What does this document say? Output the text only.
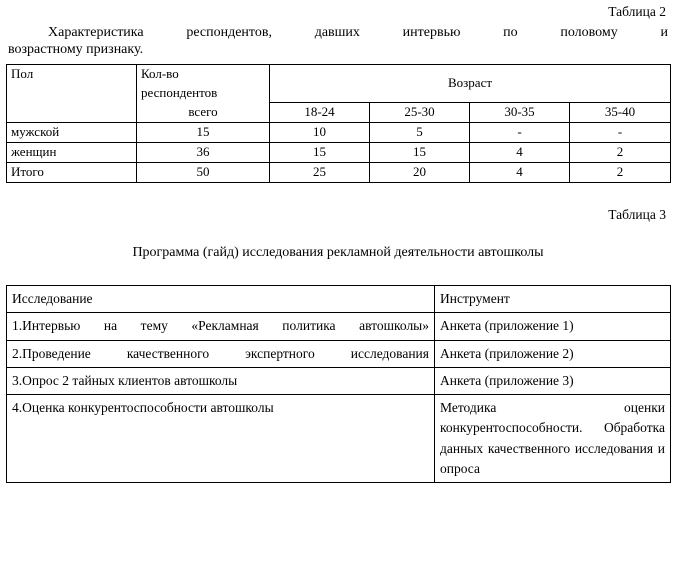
Таблица 2
Характеристика респондентов, давших интервью по половому и
возрастному признаку.
Пол	Кол-во	Возраст			
	респондентов				
	всего	18-24	25-30	30-35	35-40
мужской	15	10	5	-	-
женщин	36	15	15	4	2
Итого	50	25	20	4	2
Таблица 3
Программа (гайд) исследования рекламной деятельности автошколы
Исследование	Инструмент
1.Интервью на тему «Рекламная политика автошколы»	Анкета (приложение 1)
2.Проведение качественного экспертного исследования	Анкета (приложение 2)
3.Опрос 2 тайных клиентов автошколы	Анкета (приложение 3)
4.Оценка конкурентоспособности автошколы	Методика оценки конкурентоспособности. Обработка данных качественного исследования и опроса
